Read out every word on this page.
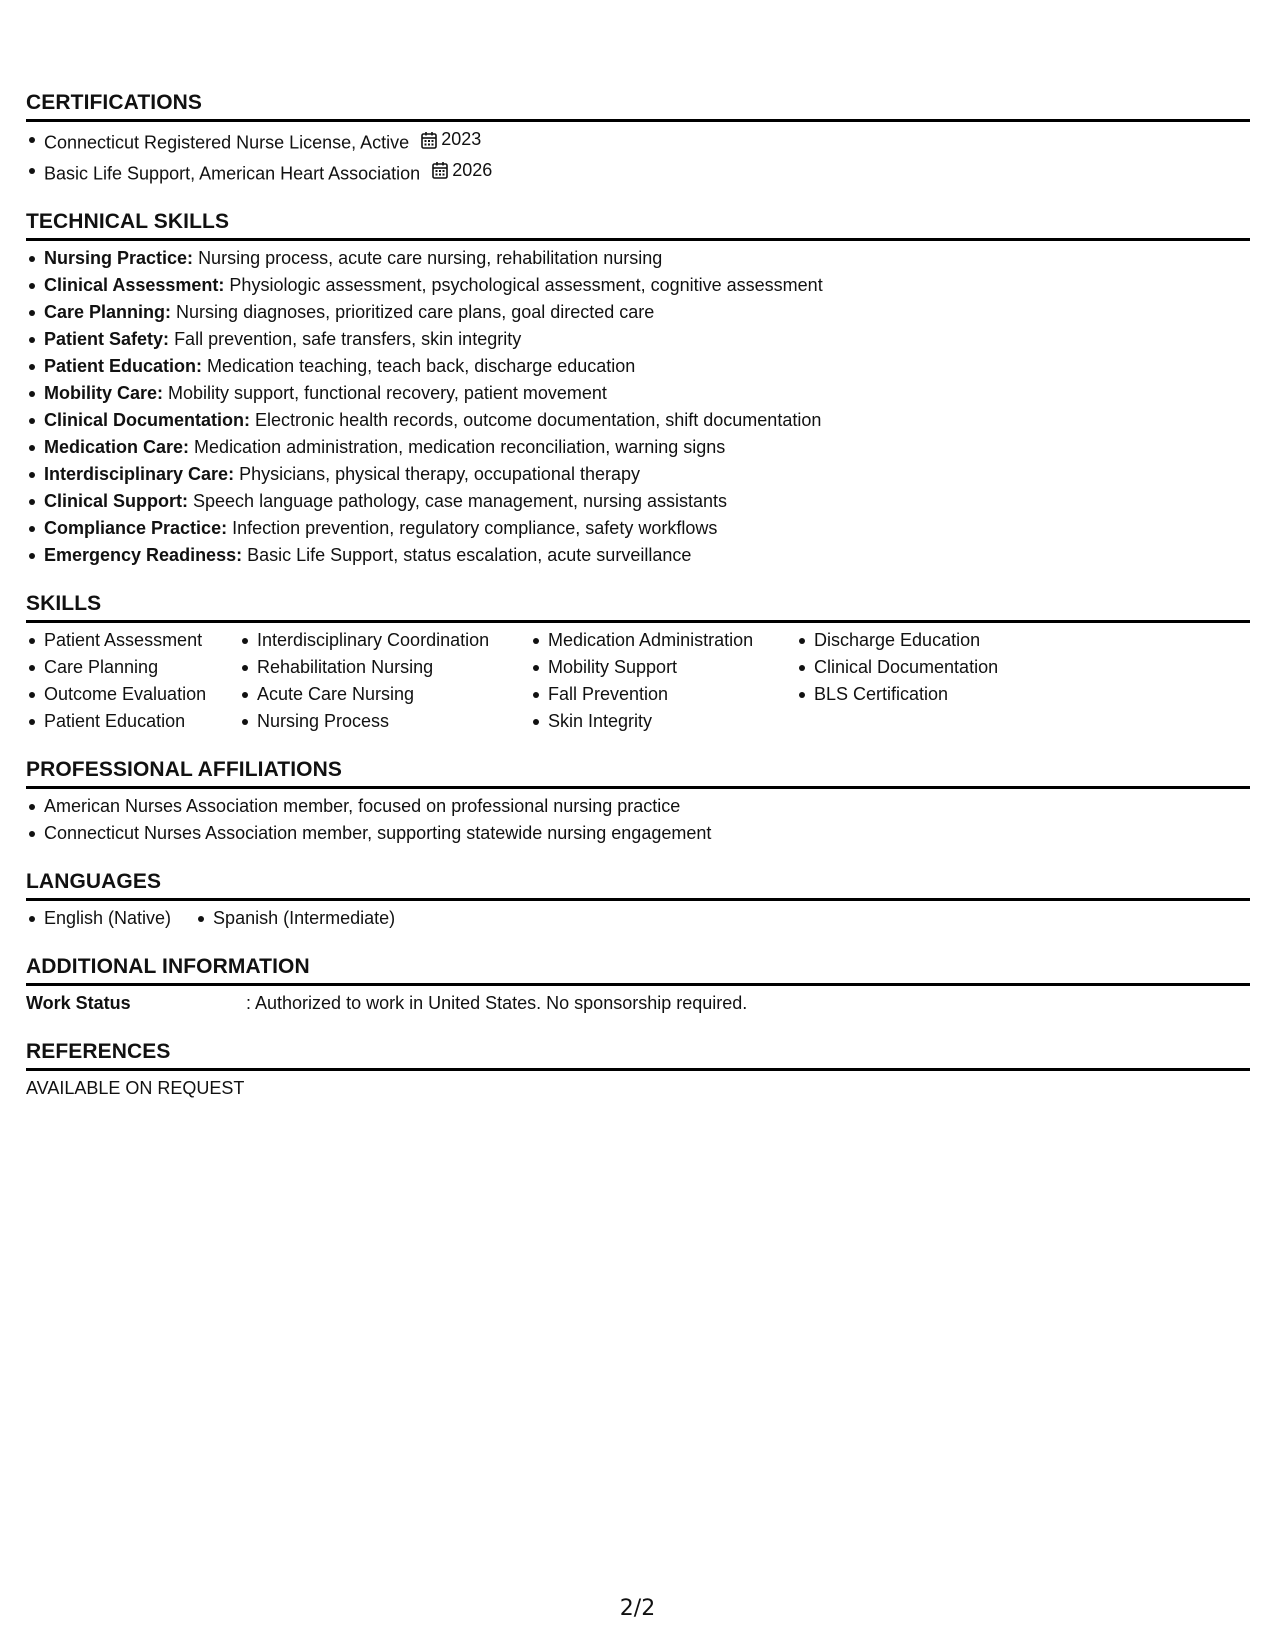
CERTIFICATIONS
Connecticut Registered Nurse License, Active 2023
Basic Life Support, American Heart Association 2026
TECHNICAL SKILLS
Nursing Practice: Nursing process, acute care nursing, rehabilitation nursing
Clinical Assessment: Physiologic assessment, psychological assessment, cognitive assessment
Care Planning: Nursing diagnoses, prioritized care plans, goal directed care
Patient Safety: Fall prevention, safe transfers, skin integrity
Patient Education: Medication teaching, teach back, discharge education
Mobility Care: Mobility support, functional recovery, patient movement
Clinical Documentation: Electronic health records, outcome documentation, shift documentation
Medication Care: Medication administration, medication reconciliation, warning signs
Interdisciplinary Care: Physicians, physical therapy, occupational therapy
Clinical Support: Speech language pathology, case management, nursing assistants
Compliance Practice: Infection prevention, regulatory compliance, safety workflows
Emergency Readiness: Basic Life Support, status escalation, acute surveillance
SKILLS
Patient Assessment
Care Planning
Outcome Evaluation
Patient Education
Interdisciplinary Coordination
Rehabilitation Nursing
Acute Care Nursing
Nursing Process
Medication Administration
Mobility Support
Fall Prevention
Skin Integrity
Discharge Education
Clinical Documentation
BLS Certification
PROFESSIONAL AFFILIATIONS
American Nurses Association member, focused on professional nursing practice
Connecticut Nurses Association member, supporting statewide nursing engagement
LANGUAGES
English (Native)	Spanish (Intermediate)
ADDITIONAL INFORMATION
Work Status	: Authorized to work in United States. No sponsorship required.
REFERENCES
AVAILABLE ON REQUEST
2/2
